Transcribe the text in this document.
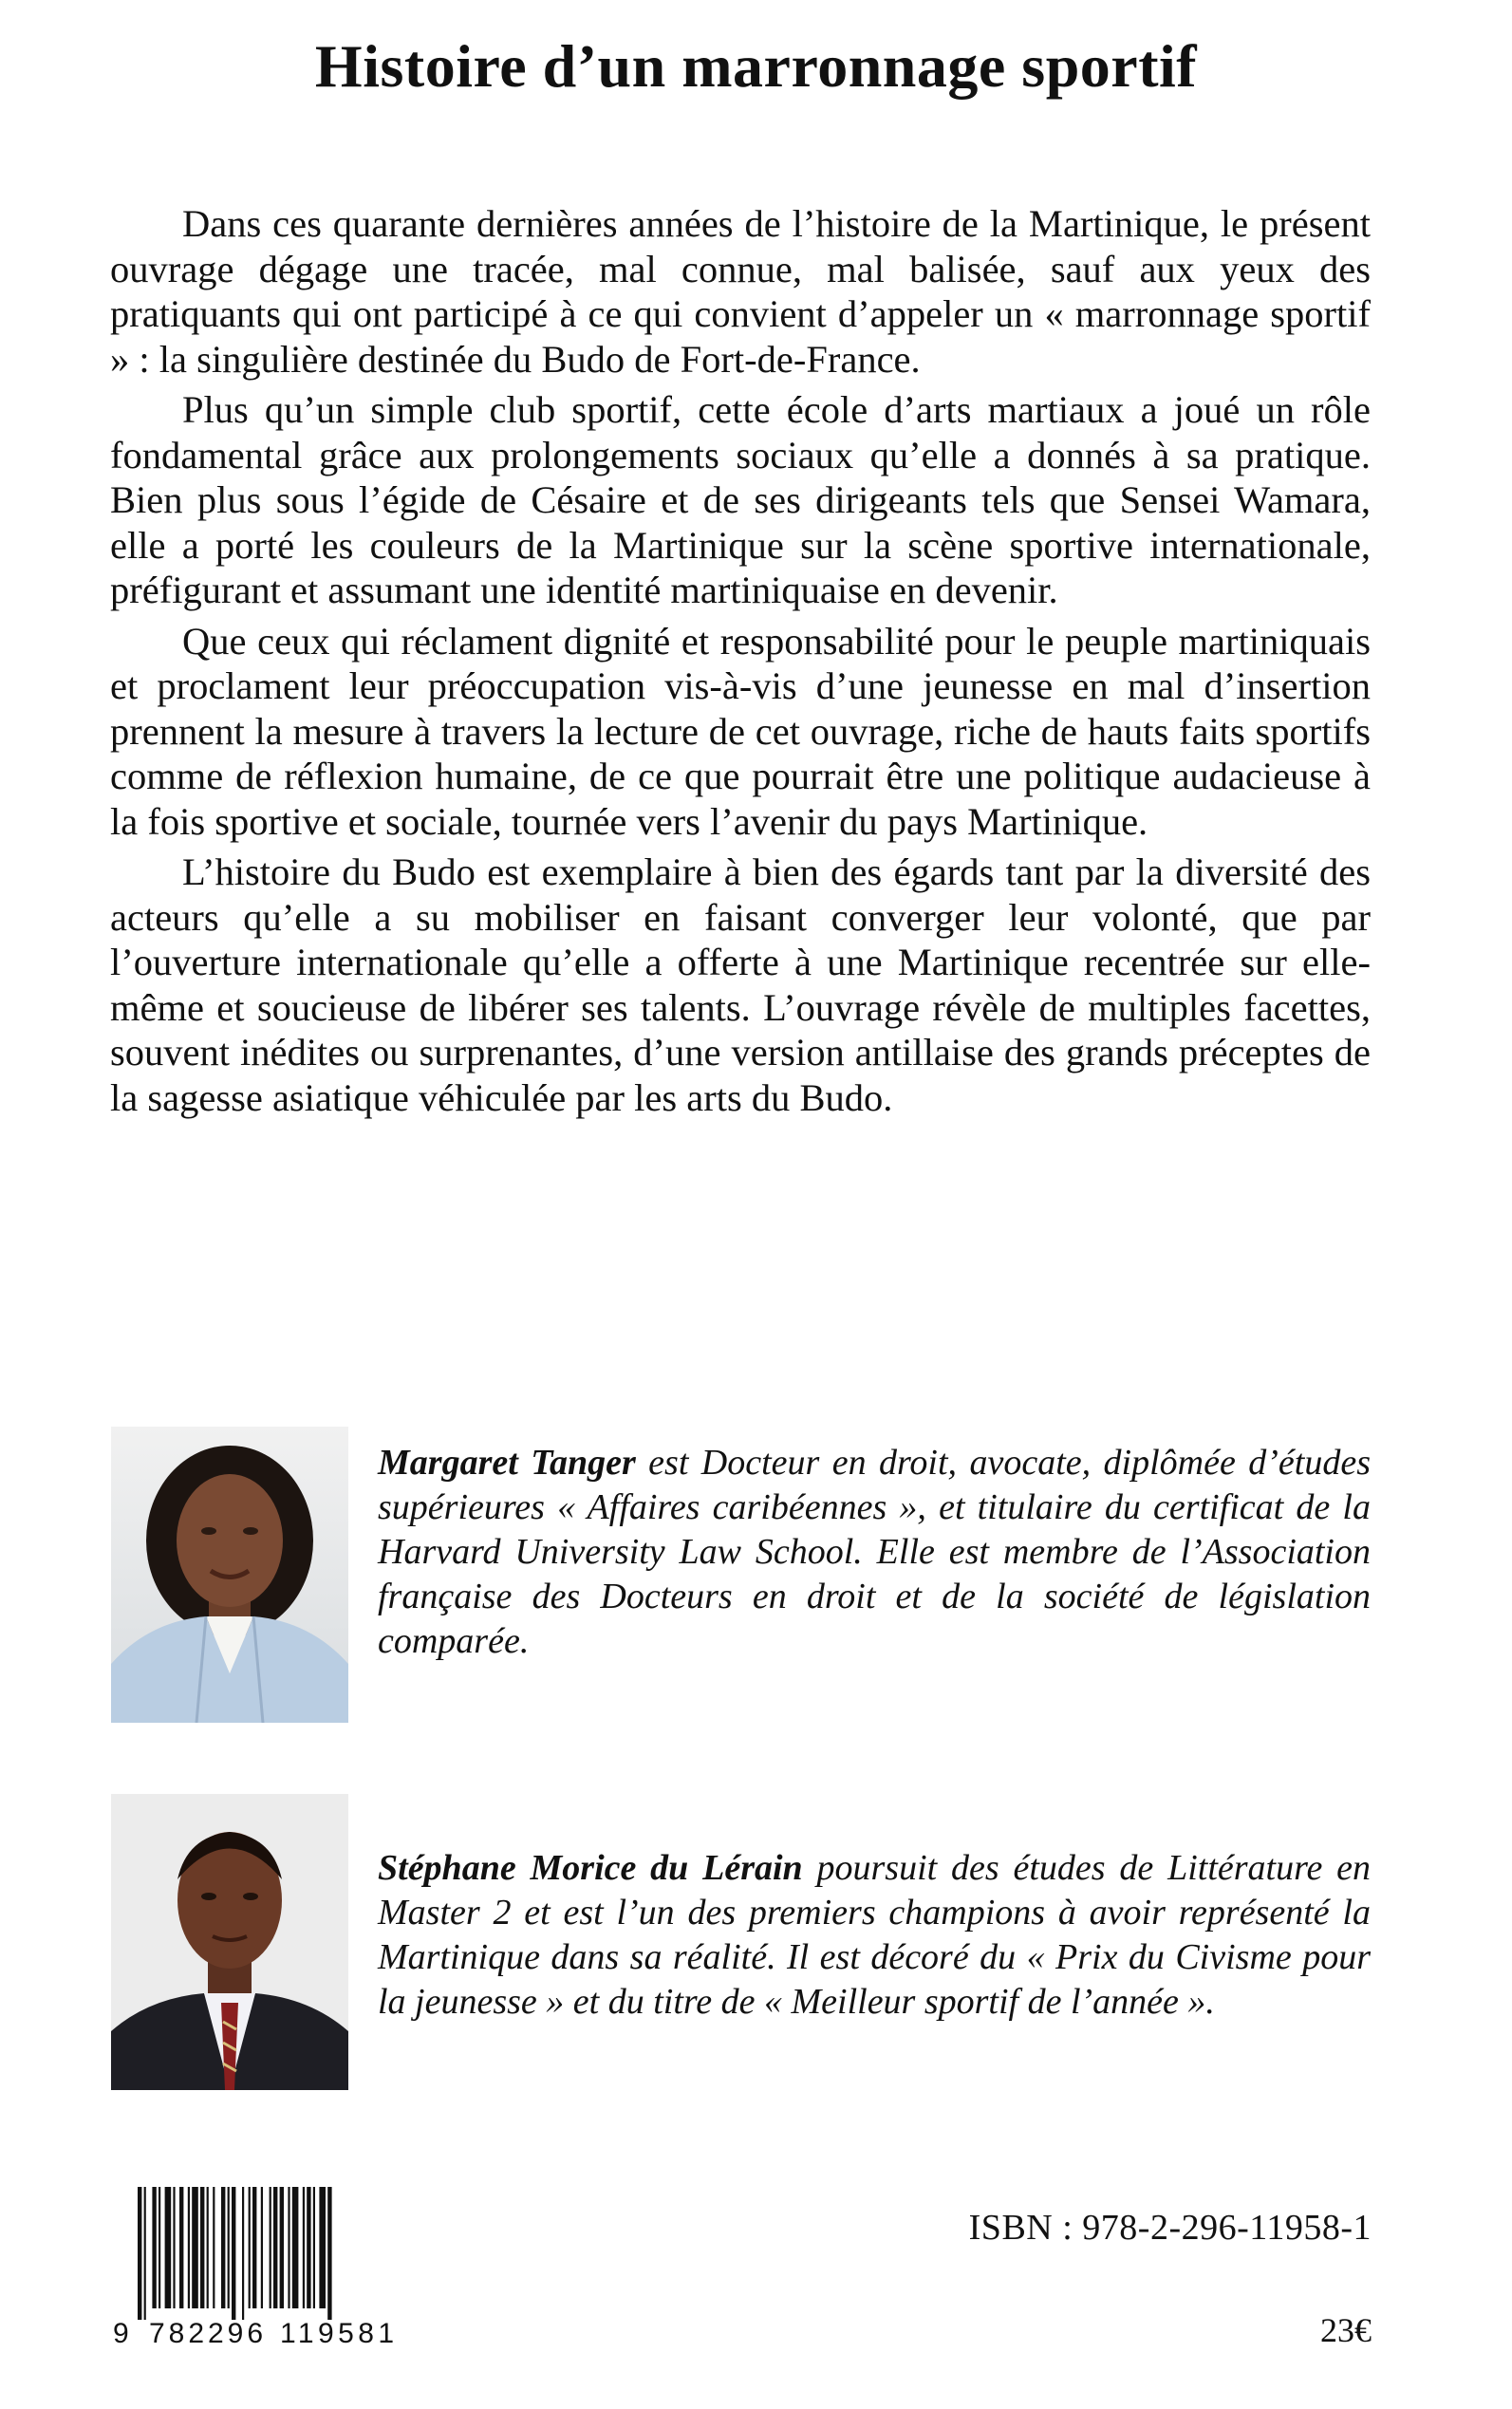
Histoire d’un marronnage sportif

Dans ces quarante dernières années de l’histoire de la Martinique, le présent ouvrage dégage une tracée, mal connue, mal balisée, sauf aux yeux des pratiquants qui ont participé à ce qui convient d’appeler un « marronnage sportif » : la singulière destinée du Budo de Fort-de-France.

Plus qu’un simple club sportif, cette école d’arts martiaux a joué un rôle fondamental grâce aux prolongements sociaux qu’elle a donnés à sa pratique. Bien plus sous l’égide de Césaire et de ses dirigeants tels que Sensei Wamara, elle a porté les couleurs de la Martinique sur la scène sportive internationale, préfigurant et assumant une identité martiniquaise en devenir.

Que ceux qui réclament dignité et responsabilité pour le peuple martiniquais et proclament leur préoccupation vis-à-vis d’une jeunesse en mal d’insertion prennent la mesure à travers la lecture de cet ouvrage, riche de hauts faits sportifs comme de réflexion humaine, de ce que pourrait être une politique audacieuse à la fois sportive et sociale, tournée vers l’avenir du pays Martinique.

L’histoire du Budo est exemplaire à bien des égards tant par la diversité des acteurs qu’elle a su mobiliser en faisant converger leur volonté, que par l’ouverture internationale qu’elle a offerte à une Martinique recentrée sur elle-même et soucieuse de libérer ses talents. L’ouvrage révèle de multiples facettes, souvent inédites ou surprenantes, d’une version antillaise des grands préceptes de la sagesse asiatique véhiculée par les arts du Budo.

Margaret Tanger est Docteur en droit, avocate, diplômée d’études supérieures « Affaires caribéennes », et titulaire du certificat de la Harvard University Law School. Elle est membre de l’Association française des Docteurs en droit et de la société de législation comparée.
Stéphane Morice du Lérain poursuit des études de Littérature en Master 2 et est l’un des premiers champions à avoir représenté la Martinique dans sa réalité. Il est décoré du « Prix du Civisme pour la jeunesse » et du titre de « Meilleur sportif de l’année ».
9 782296 119581
ISBN : 978-2-296-11958-1
23€
